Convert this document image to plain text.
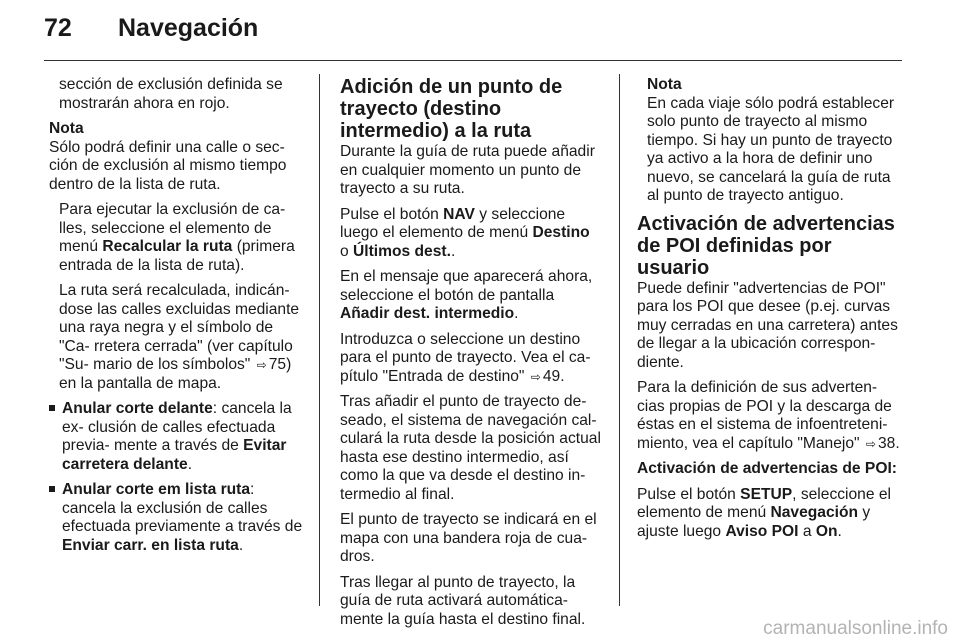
72 Navegación

sección de exclusión definida se mostrarán ahora en rojo.

Nota

Sólo podrá definir una calle o sec- ción de exclusión al mismo tiempo dentro de la lista de ruta.

Para ejecutar la exclusión de ca- lles, seleccione el elemento de menú Recalcular la ruta (primera entrada de la lista de ruta).

La ruta será recalculada, indicán- dose las calles excluidas mediante una raya negra y el símbolo de "Ca- rretera cerrada" (ver capítulo "Su- mario de los símbolos" ⇨ 75) en la pantalla de mapa.

Anular corte delante: cancela la ex- clusión de calles efectuada previa- mente a través de Evitar carretera delante.
Anular corte em lista ruta: cancela la exclusión de calles efectuada previamente a través de Enviar carr. en lista ruta.
Adición de un punto de trayecto (destino intermedio) a la ruta

Durante la guía de ruta puede añadir en cualquier momento un punto de trayecto a su ruta.

Pulse el botón NAV y seleccione luego el elemento de menú Destino o Últimos dest..

En el mensaje que aparecerá ahora, seleccione el botón de pantalla Añadir dest. intermedio.

Introduzca o seleccione un destino para el punto de trayecto. Vea el ca- pítulo "Entrada de destino" ⇨ 49.

Tras añadir el punto de trayecto de- seado, el sistema de navegación cal- culará la ruta desde la posición actual hasta ese destino intermedio, así como la que va desde el destino in- termedio al final.

El punto de trayecto se indicará en el mapa con una bandera roja de cua- dros.

Tras llegar al punto de trayecto, la guía de ruta activará automática- mente la guía hasta el destino final.

Nota

En cada viaje sólo podrá establecer solo punto de trayecto al mismo tiempo. Si hay un punto de trayecto ya activo a la hora de definir uno nuevo, se cancelará la guía de ruta al punto de trayecto antiguo.

Activación de advertencias de POI definidas por usuario

Puede definir "advertencias de POI" para los POI que desee (p.ej. curvas muy cerradas en una carretera) antes de llegar a la ubicación correspon- diente.

Para la definición de sus adverten- cias propias de POI y la descarga de éstas en el sistema de infoentreteni- miento, vea el capítulo "Manejo" ⇨ 38.

Activación de advertencias de POI:

Pulse el botón SETUP, seleccione el elemento de menú Navegación y ajuste luego Aviso POI a On.

carmanualsonline.info
